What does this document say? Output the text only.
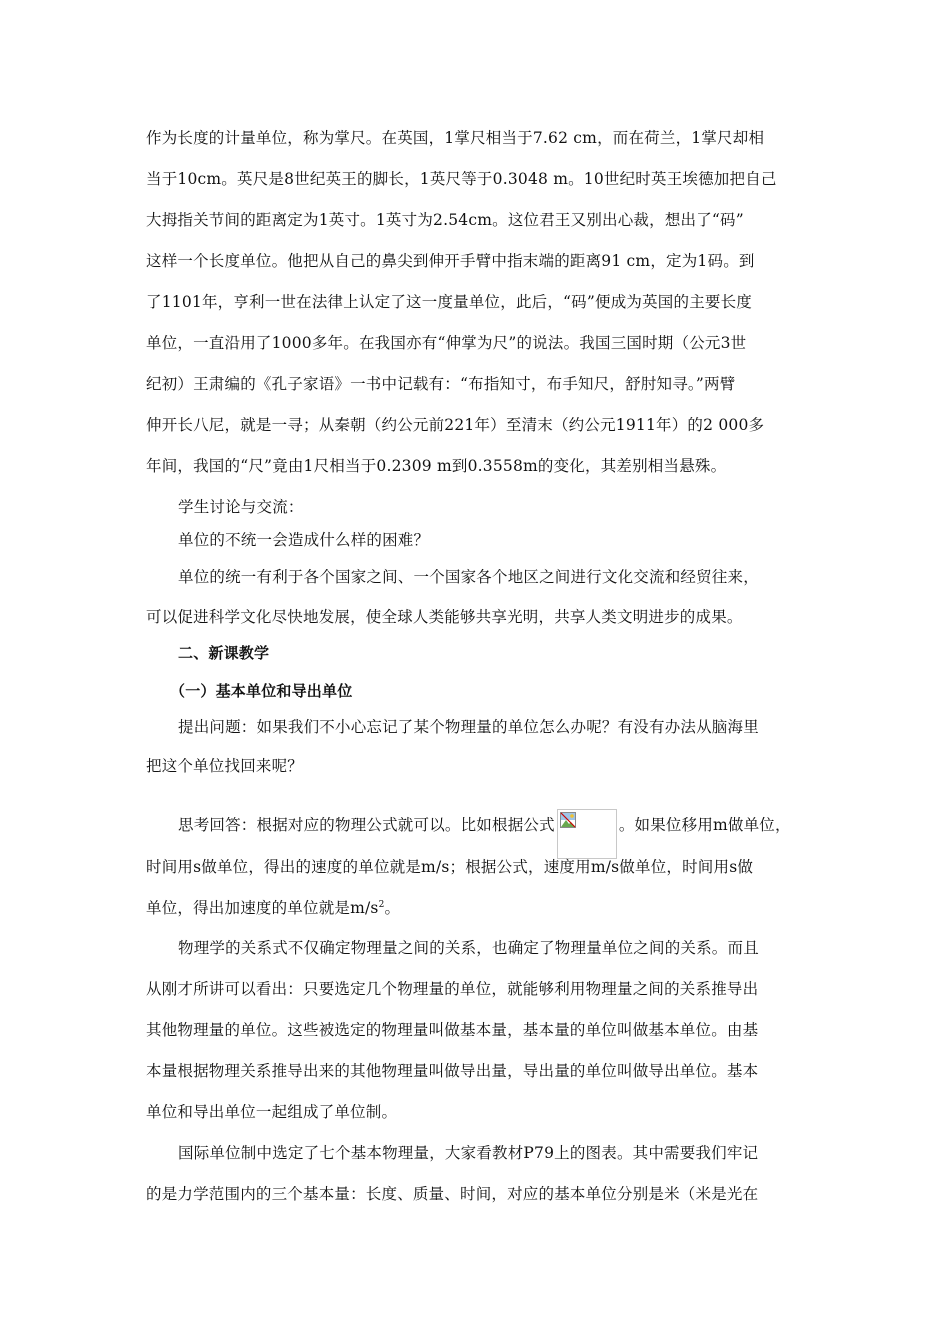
作为长度的计量单位，称为掌尺。在英国，1掌尺相当于7.62 cm，而在荷兰，1掌尺却相
当于10cm。英尺是8世纪英王的脚长，1英尺等于0.3048 m。10世纪时英王埃德加把自己
大拇指关节间的距离定为1英寸。1英寸为2.54cm。这位君王又别出心裁，想出了“码”
这样一个长度单位。他把从自己的鼻尖到伸开手臂中指末端的距离91 cm，定为1码。到
了1101年，亨利一世在法律上认定了这一度量单位，此后，“码”便成为英国的主要长度
单位，一直沿用了1000多年。在我国亦有“伸掌为尺”的说法。我国三国时期（公元3世
纪初）王肃编的《孔子家语》一书中记载有：“布指知寸，布手知尺，舒肘知寻。”两臂
伸开长八尼，就是一寻；从秦朝（约公元前221年）至清末（约公元1911年）的2 000多
年间，我国的“尺”竟由1尺相当于0.2309 m到0.3558m的变化，其差别相当悬殊。
学生讨论与交流：
单位的不统一会造成什么样的困难？
单位的统一有利于各个国家之间、一个国家各个地区之间进行文化交流和经贸往来，
可以促进科学文化尽快地发展，使全球人类能够共享光明，共享人类文明进步的成果。
二、新课教学
（一）基本单位和导出单位
提出问题：如果我们不小心忘记了某个物理量的单位怎么办呢？有没有办法从脑海里
把这个单位找回来呢？
思考回答：根据对应的物理公式就可以。比如根据公式	。如果位移用m做单位，
时间用s做单位，得出的速度的单位就是m/s；根据公式，速度用m/s做单位，时间用s做
单位，得出加速度的单位就是$m/s^2$。
物理学的关系式不仅确定物理量之间的关系，也确定了物理量单位之间的关系。而且
从刚才所讲可以看出：只要选定几个物理量的单位，就能够利用物理量之间的关系推导出
其他物理量的单位。这些被选定的物理量叫做基本量，基本量的单位叫做基本单位。由基
本量根据物理关系推导出来的其他物理量叫做导出量，导出量的单位叫做导出单位。基本
单位和导出单位一起组成了单位制。
国际单位制中选定了七个基本物理量，大家看教材P79上的图表。其中需要我们牢记
的是力学范围内的三个基本量：长度、质量、时间，对应的基本单位分别是米（米是光在
